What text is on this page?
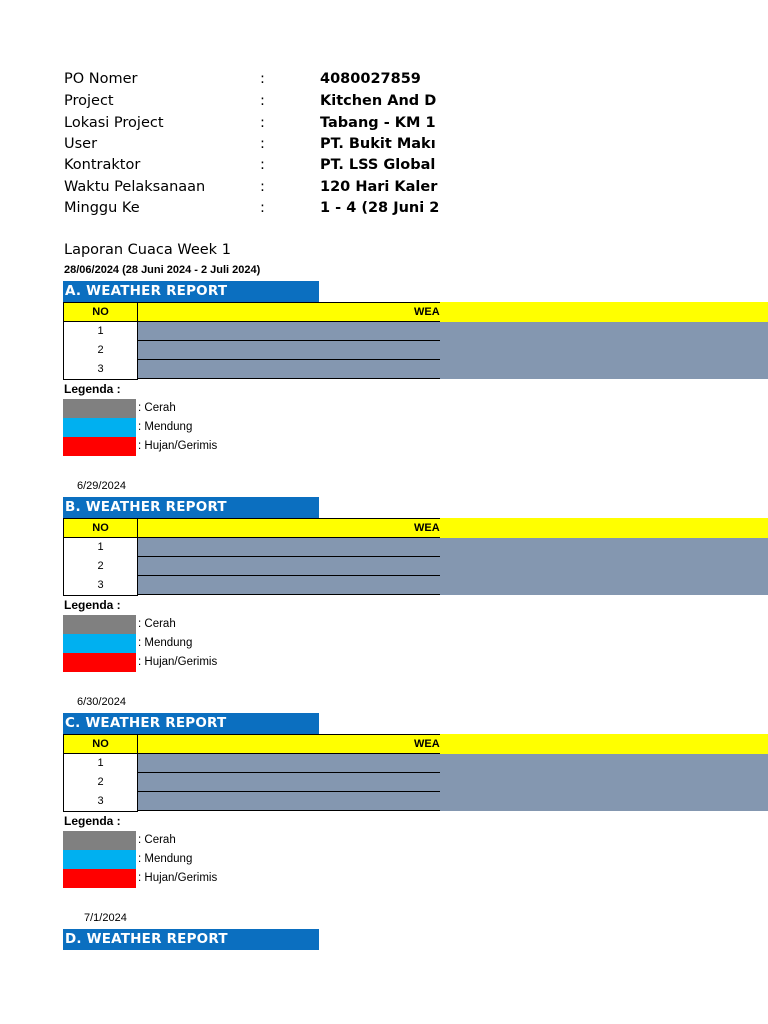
PO Nomer	:	4080027859
Project	:	Kitchen And D
Lokasi Project	:	Tabang - KM 1
User	:	PT. Bukit Makı
Kontraktor	:	PT. LSS Global
Waktu Pelaksanaan	:	120 Hari Kaler
Minggu Ke	:	1 - 4 (28 Juni 2
Laporan Cuaca Week 1
28/06/2024 (28 Juni 2024 - 2 Juli 2024)
A. WEATHER REPORT
NO	WEA
1
2
3
Legenda :
: Cerah
: Mendung
: Hujan/Gerimis
6/29/2024
B. WEATHER REPORT
NO	WEA
1
2
3
Legenda :
: Cerah
: Mendung
: Hujan/Gerimis
6/30/2024
C. WEATHER REPORT
NO	WEA
1
2
3
Legenda :
: Cerah
: Mendung
: Hujan/Gerimis
7/1/2024
D. WEATHER REPORT
